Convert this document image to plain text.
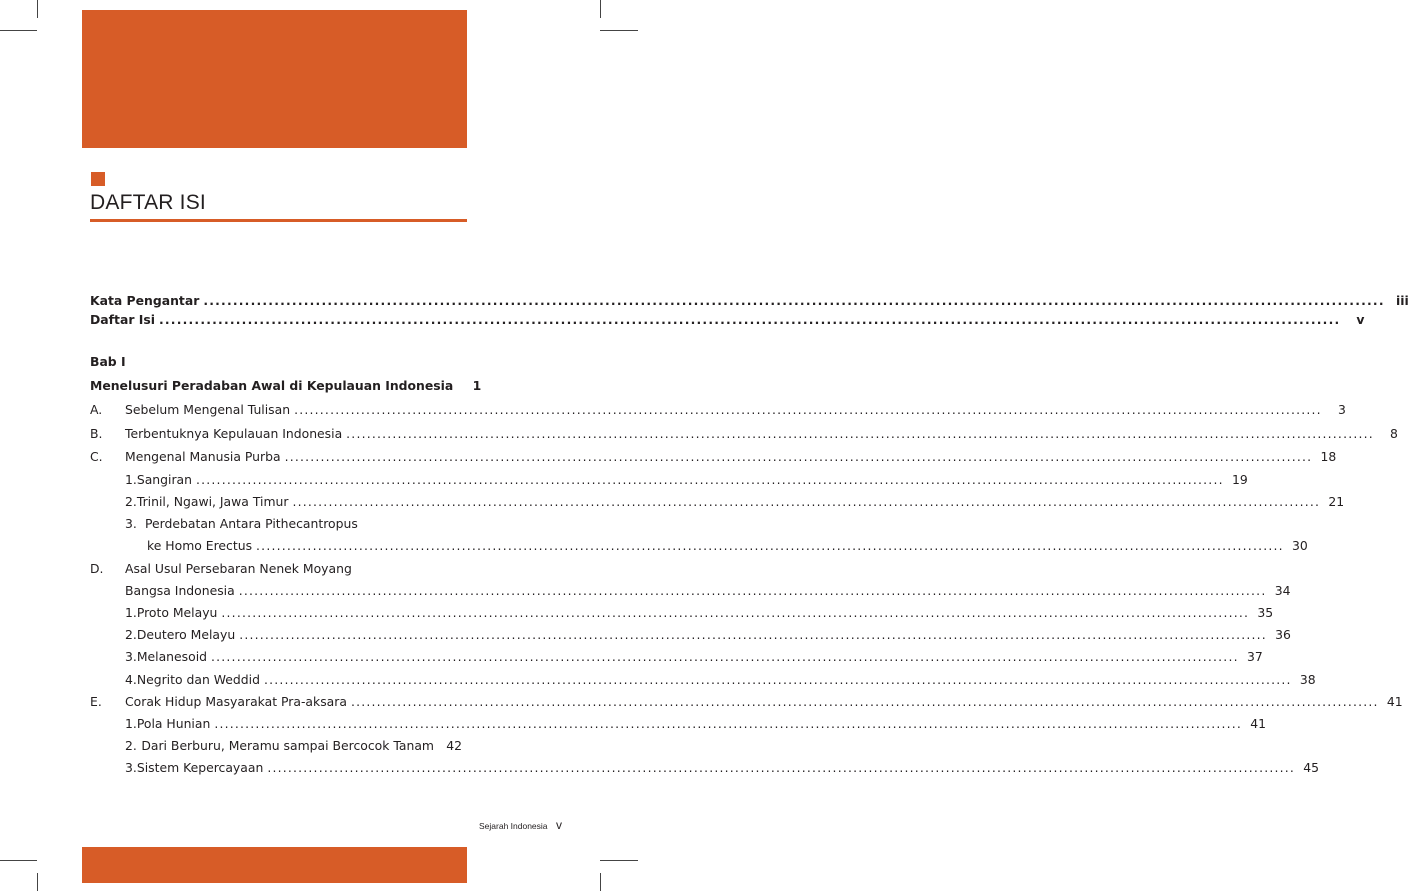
DAFTAR ISI
Kata Pengantar ........................................................................................................................................................................................................ iii
Daftar Isi ........................................................................................................................................................................................................	v
Bab I
Menelusuri Peradaban Awal di Kepulauan Indonesia	1
A. Sebelum Mengenal Tulisan ........................................................................................................................................................................................................	3
B. Terbentuknya Kepulauan Indonesia ........................................................................................................................................................................................................	8
C. Mengenal Manusia Purba ........................................................................................................................................................................................................ 18
1. Sangiran ........................................................................................................................................................................................................ 19
2. Trinil, Ngawi, Jawa Timur ........................................................................................................................................................................................................ 21
3. Perdebatan Antara Pithecantropus
ke Homo Erectus ........................................................................................................................................................................................................ 30
D. Asal Usul Persebaran Nenek Moyang
Bangsa Indonesia ........................................................................................................................................................................................................ 34
1. Proto Melayu ........................................................................................................................................................................................................ 35
2. Deutero Melayu ........................................................................................................................................................................................................ 36
3. Melanesoid ........................................................................................................................................................................................................ 37
4. Negrito dan Weddid ........................................................................................................................................................................................................ 38
E. Corak Hidup Masyarakat Pra-aksara ........................................................................................................................................................................................................ 41
1. Pola Hunian ........................................................................................................................................................................................................ 41
2. Dari Berburu, Meramu sampai Bercocok Tanam 42
3. Sistem Kepercayaan ........................................................................................................................................................................................................ 45
Sejarah Indonesia v
